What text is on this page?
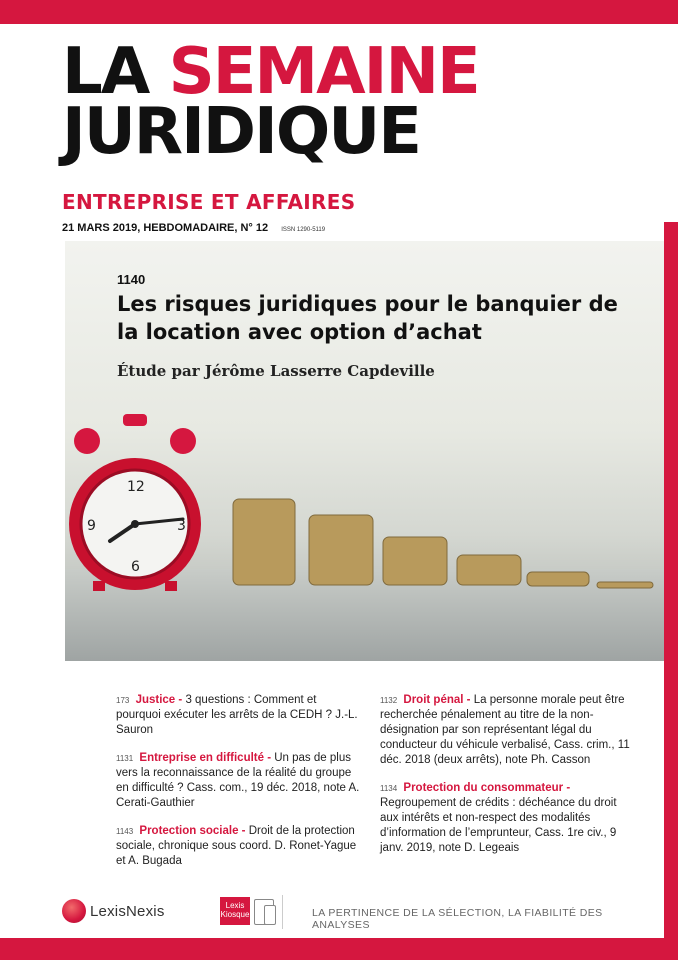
LA SEMAINE
JURIDIQUE
ENTREPRISE ET AFFAIRES
21 MARS 2019, HEBDOMADAIRE, N° 12 ISSN 1290-5119
12
3
6
9
1140
Les risques juridiques pour le banquier de la location avec option d’achat
Étude par Jérôme Lasserre Capdeville
173 Justice - 3 questions : Comment et pourquoi exécuter les arrêts de la CEDH ? J.-L. Sauron
1131 Entreprise en difficulté - Un pas de plus vers la reconnaissance de la réalité du groupe en difficulté ? Cass. com., 19 déc. 2018, note A. Cerati-Gauthier
1143 Protection sociale - Droit de la protection sociale, chronique sous coord. D. Ronet-Yague et A. Bugada
1132 Droit pénal - La personne morale peut être recherchée pénalement au titre de la non-désignation par son représentant légal du conducteur du véhicule verbalisé, Cass. crim., 11 déc. 2018 (deux arrêts), note Ph. Casson
1134 Protection du consommateur - Regroupement de crédits : déchéance du droit aux intérêts et non-respect des modalités d’information de l’emprunteur, Cass. 1re civ., 9 janv. 2019, note D. Legeais
LexisNexis	Lexis Kiosque	LA PERTINENCE DE LA SÉLECTION, LA FIABILITÉ DES ANALYSES
